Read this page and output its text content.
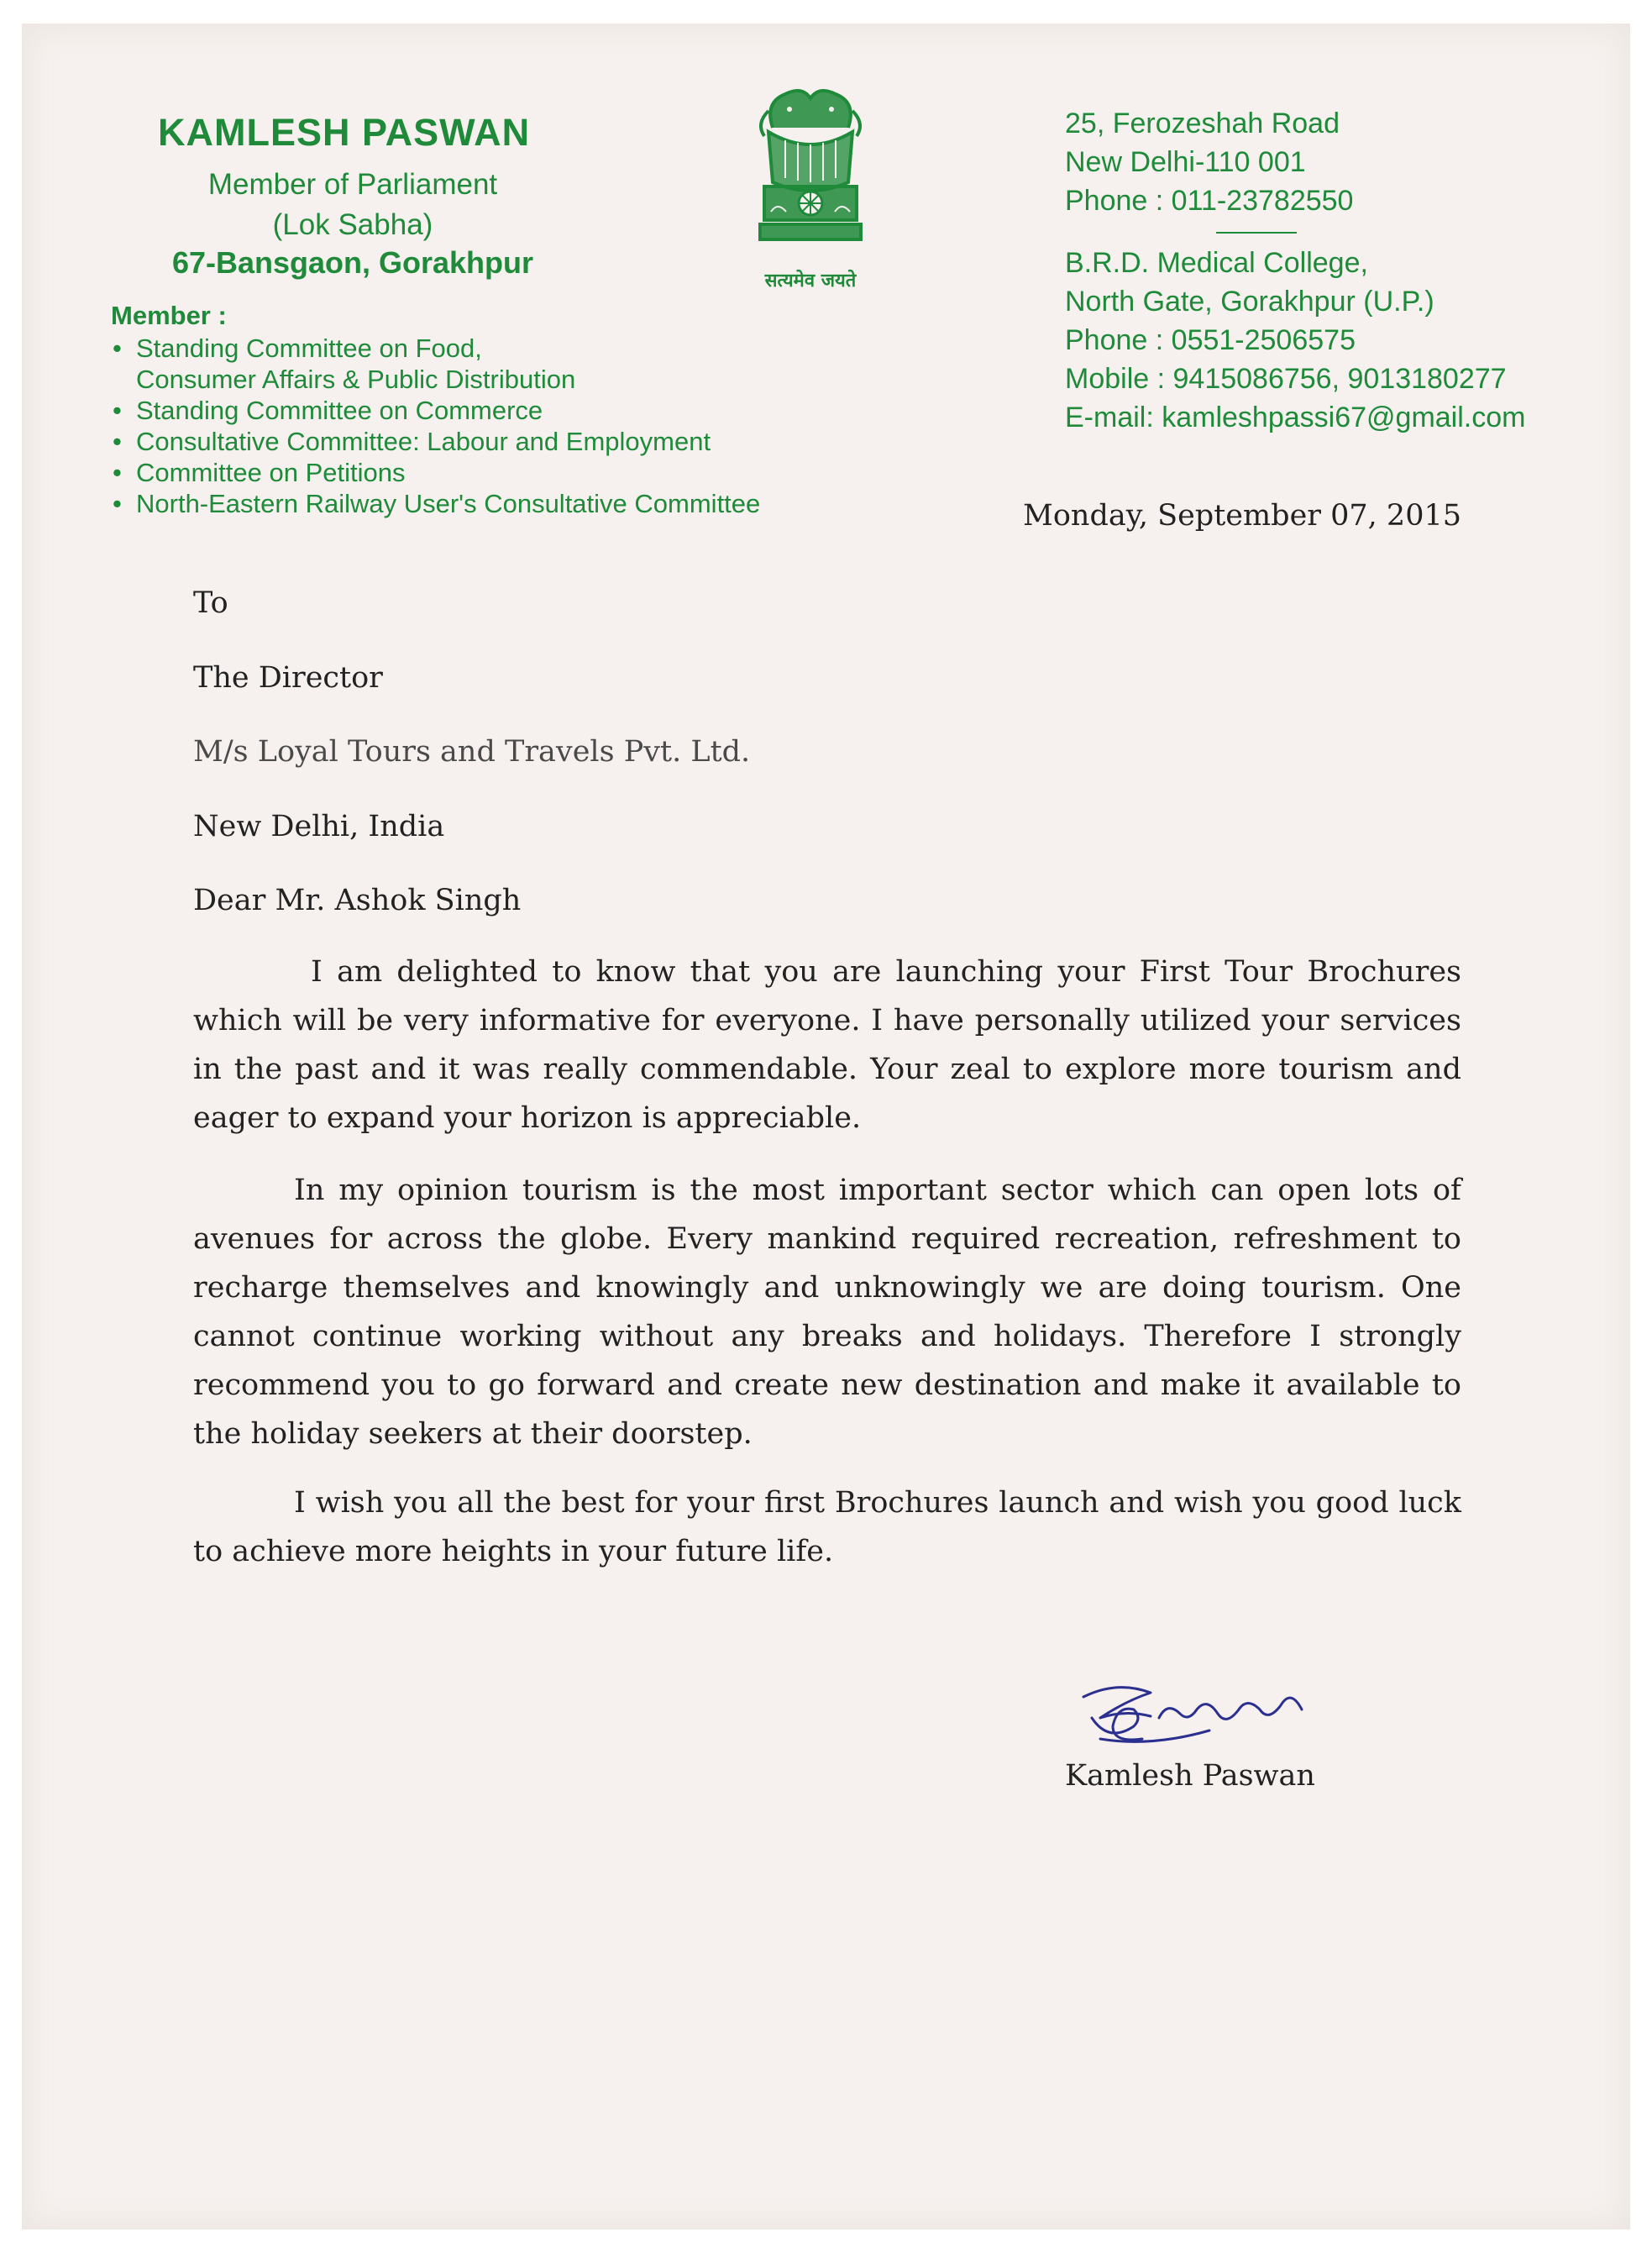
KAMLESH PASWAN
Member of Parliament
(Lok Sabha)
67-Bansgaon, Gorakhpur
Member :
• Standing Committee on Food,
Consumer Affairs & Public Distribution
• Standing Committee on Commerce
• Consultative Committee: Labour and Employment
• Committee on Petitions
• North-Eastern Railway User's Consultative Committee
सत्यमेव जयते
25, Ferozeshah Road
New Delhi-110 001
Phone : 011-23782550
B.R.D. Medical College,
North Gate, Gorakhpur (U.P.)
Phone : 0551-2506575
Mobile : 9415086756, 9013180277
E-mail: kamleshpassi67@gmail.com
Monday, September 07, 2015
To
The Director
M/s Loyal Tours and Travels Pvt. Ltd.
New Delhi, India
Dear Mr. Ashok Singh

I am delighted to know that you are launching your First Tour Brochures which will be very informative for everyone. I have personally utilized your services in the past and it was really commendable. Your zeal to explore more tourism and eager to expand your horizon is appreciable.

In my opinion tourism is the most important sector which can open lots of avenues for across the globe. Every mankind required recreation, refreshment to recharge themselves and knowingly and unknowingly we are doing tourism. One cannot continue working without any breaks and holidays. Therefore I strongly recommend you to go forward and create new destination and make it available to the holiday seekers at their doorstep.

I wish you all the best for your first Brochures launch and wish you good luck to achieve more heights in your future life.

Kamlesh Paswan
